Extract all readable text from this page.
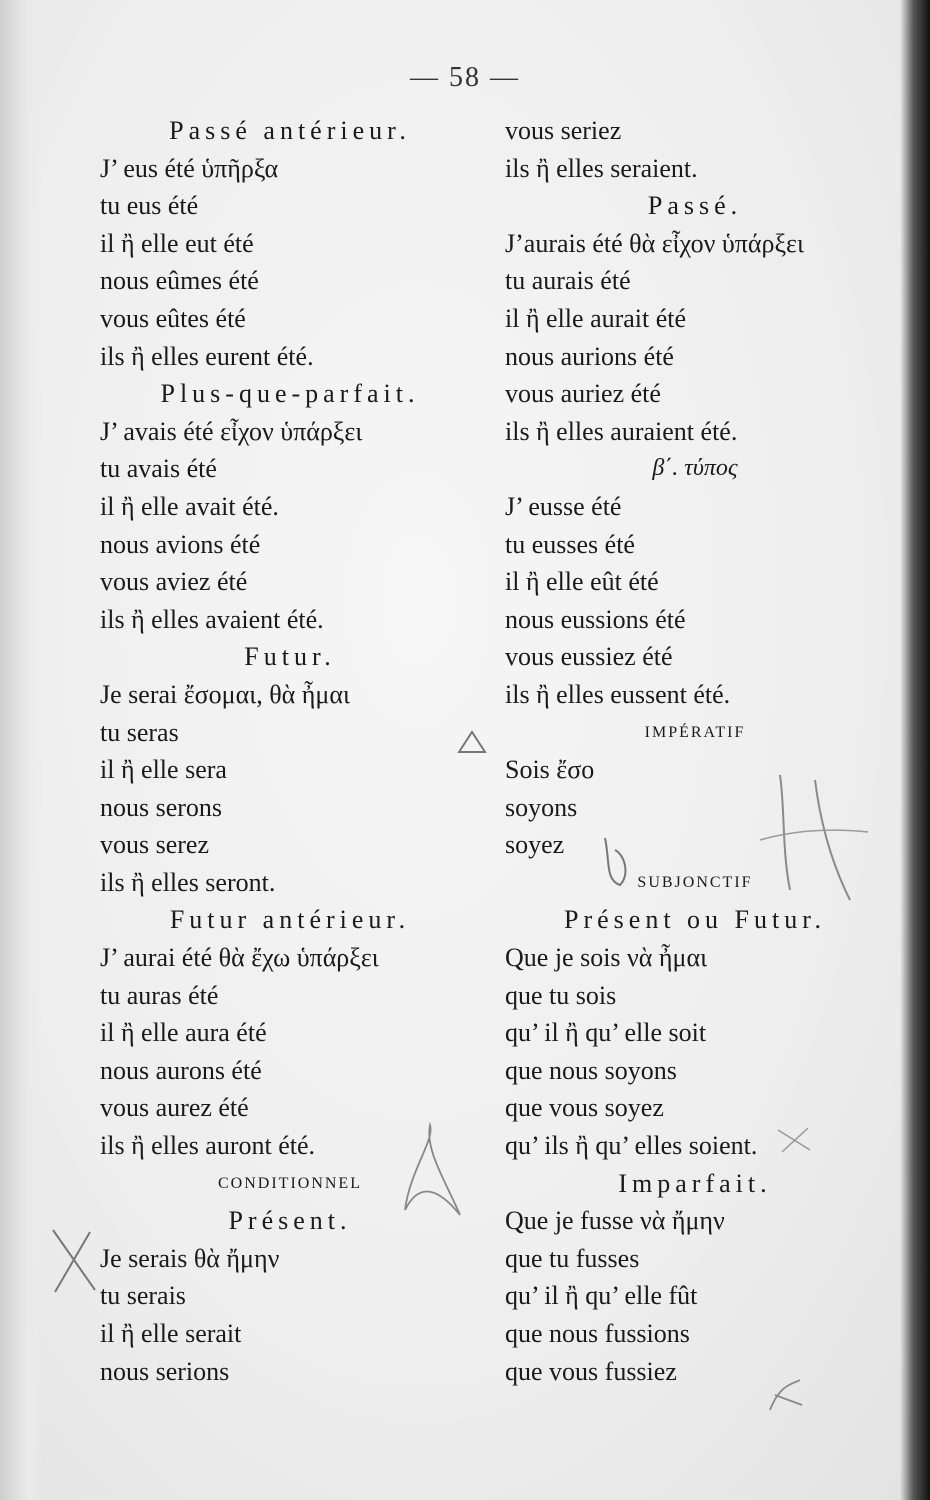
— 58 —
Passé antérieur.
J’ eus été ὑπῆρξα
tu eus été
il ἢ elle eut été
nous eûmes été
vous eûtes été
ils ἢ elles eurent été.
Plus-que-parfait.
J’ avais été εἶχον ὑπάρξει
tu avais été
il ἢ elle avait été.
nous avions été
vous aviez été
ils ἢ elles avaient été.
Futur.
Je serai ἔσομαι, θὰ ἦμαι
tu seras
il ἢ elle sera
nous serons
vous serez
ils ἢ elles seront.
Futur antérieur.
J’ aurai été θὰ ἔχω ὑπάρξει
tu auras été
il ἢ elle aura été
nous aurons été
vous aurez été
ils ἢ elles auront été.
CONDITIONNEL
Présent.
Je serais θὰ ἤμην
tu serais
il ἢ elle serait
nous serions
vous seriez
ils ἢ elles seraient.
Passé.
J’aurais été θὰ εἶχον ὑπάρξει
tu aurais été
il ἢ elle aurait été
nous aurions été
vous auriez été
ils ἢ elles auraient été.
β΄. τύπος
J’ eusse été
tu eusses été
il ἢ elle eût été
nous eussions été
vous eussiez été
ils ἢ elles eussent été.
IMPÉRATIF
Sois ἔσο
soyons
soyez
SUBJONCTIF
Présent ou Futur.
Que je sois νὰ ἦμαι
que tu sois
qu’ il ἢ qu’ elle soit
que nous soyons
que vous soyez
qu’ ils ἢ qu’ elles soient.
Imparfait.
Que je fusse νὰ ἤμην
que tu fusses
qu’ il ἢ qu’ elle fût
que nous fussions
que vous fussiez
